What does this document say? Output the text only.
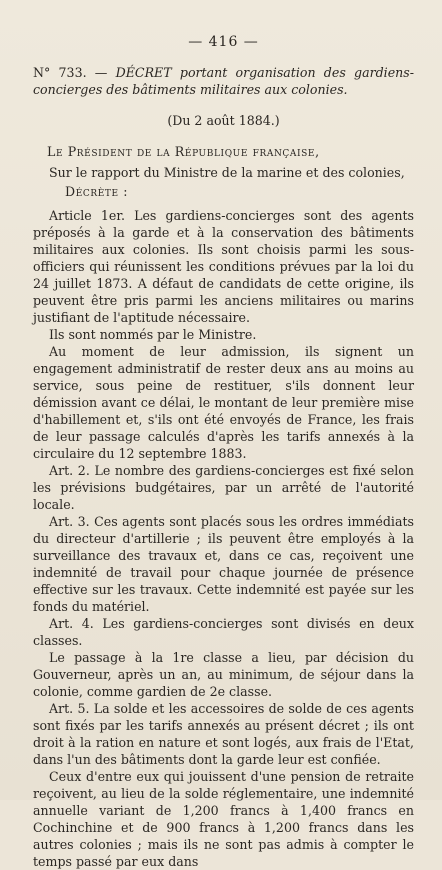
— 416 —

N° 733. — DÉCRET portant organisation des gardiens-concierges des bâtiments militaires aux colonies.

(Du 2 août 1884.)
Le Président de la République française,

Sur le rapport du Ministre de la marine et des colonies,

Décrète :

Article 1er. Les gardiens-concierges sont des agents préposés à la garde et à la conservation des bâtiments militaires aux colonies. Ils sont choisis parmi les sous-officiers qui réunissent les conditions prévues par la loi du 24 juillet 1873. A défaut de candidats de cette origine, ils peuvent être pris parmi les anciens militaires ou marins justifiant de l'aptitude nécessaire.

Ils sont nommés par le Ministre.

Au moment de leur admission, ils signent un engagement administratif de rester deux ans au moins au service, sous peine de restituer, s'ils donnent leur démission avant ce délai, le montant de leur première mise d'habillement et, s'ils ont été envoyés de France, les frais de leur passage calculés d'après les tarifs annexés à la circulaire du 12 septembre 1883.

Art. 2. Le nombre des gardiens-concierges est fixé selon les prévisions budgétaires, par un arrêté de l'autorité locale.

Art. 3. Ces agents sont placés sous les ordres immédiats du directeur d'artillerie ; ils peuvent être employés à la surveillance des travaux et, dans ce cas, reçoivent une indemnité de travail pour chaque journée de présence effective sur les travaux. Cette indemnité est payée sur les fonds du matériel.

Art. 4. Les gardiens-concierges sont divisés en deux classes.

Le passage à la 1re classe a lieu, par décision du Gouverneur, après un an, au minimum, de séjour dans la colonie, comme gardien de 2e classe.

Art. 5. La solde et les accessoires de solde de ces agents sont fixés par les tarifs annexés au présent décret ; ils ont droit à la ration en nature et sont logés, aux frais de l'Etat, dans l'un des bâtiments dont la garde leur est confiée.

Ceux d'entre eux qui jouissent d'une pension de retraite reçoivent, au lieu de la solde réglementaire, une indemnité annuelle variant de 1,200 francs à 1,400 francs en Cochinchine et de 900 francs à 1,200 francs dans les autres colonies ; mais ils ne sont pas admis à compter le temps passé par eux dans
